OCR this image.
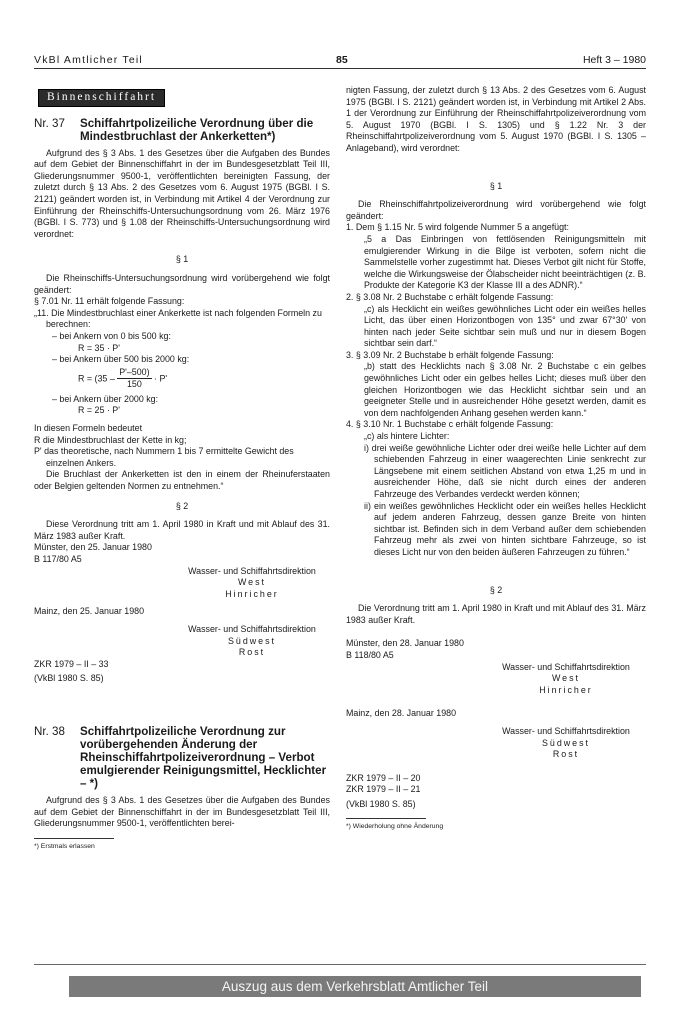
VkBl Amtlicher Teil	85	Heft 3 – 1980
Binnenschiffahrt
Nr. 37	Schiffahrtpolizeiliche Verordnung über die Mindestbruchlast der Ankerketten*)

Aufgrund des § 3 Abs. 1 des Gesetzes über die Aufgaben des Bundes auf dem Gebiet der Binnenschiffahrt in der im Bundesgesetzblatt Teil III, Gliederungsnummer 9500-1, veröffentlichten bereinigten Fassung, der zuletzt durch § 13 Abs. 2 des Gesetzes vom 6. August 1975 (BGBl. I S. 2121) geändert worden ist, in Verbindung mit Artikel 4 der Verordnung zur Einführung der Rheinschiffs-Untersuchungsordnung vom 26. März 1976 (BGBl. I S. 773) und § 1.08 der Rheinschiffs-Untersuchungsordnung wird verordnet:

§ 1

Die Rheinschiffs-Untersuchungsordnung wird vorübergehend wie folgt geändert:

§ 7.01 Nr. 11 erhält folgende Fassung:

„11. Die Mindestbruchlast einer Ankerkette ist nach folgenden Formeln zu berechnen:

– bei Ankern von 0 bis 500 kg:

R = 35 · P'

– bei Ankern über 500 bis 2000 kg:

$R = (35 - \frac{P'-500)}{150} \cdot P'$

– bei Ankern über 2000 kg:

R = 25 · P'

In diesen Formeln bedeutet

R die Mindestbruchlast der Kette in kg;

P' das theoretische, nach Nummern 1 bis 7 ermittelte Gewicht des einzelnen Ankers.

Die Bruchlast der Ankerketten ist den in einem der Rheinuferstaaten oder Belgien geltenden Normen zu entnehmen.“

§ 2

Diese Verordnung tritt am 1. April 1980 in Kraft und mit Ablauf des 31. März 1983 außer Kraft.

Münster, den 25. Januar 1980

B 117/80 A5

Wasser- und Schiffahrtsdirektion

West

Hinricher

Mainz, den 25. Januar 1980

Wasser- und Schiffahrtsdirektion

Südwest

Rost

ZKR 1979 – II – 33

(VkBl 1980 S. 85)

Nr. 38	Schiffahrtpolizeiliche Verordnung zur vorübergehenden Änderung der Rheinschiffahrtpolizeiverordnung – Verbot emulgierender Reinigungsmittel, Hecklichter – *)

Aufgrund des § 3 Abs. 1 des Gesetzes über die Aufgaben des Bundes auf dem Gebiet der Binnenschiffahrt in der im Bundesgesetzblatt Teil III, Gliederungsnummer 9500-1, veröffentlichten berei-

*) Erstmals erlassen

nigten Fassung, der zuletzt durch § 13 Abs. 2 des Gesetzes vom 6. August 1975 (BGBl. I S. 2121) geändert worden ist, in Verbindung mit Artikel 2 Abs. 1 der Verordnung zur Einführung der Rheinschiffahrtpolizeiverordnung vom 5. August 1970 (BGBl. I S. 1305) und § 1.22 Nr. 3 der Rheinschiffahrtpolizeiverordnung vom 5. August 1970 (BGBl. I S. 1305 – Anlageband), wird verordnet:

§ 1

Die Rheinschiffahrtpolizeiverordnung wird vorübergehend wie folgt geändert:

1. Dem § 1.15 Nr. 5 wird folgende Nummer 5 a angefügt:

„5 a Das Einbringen von fettlösenden Reinigungsmitteln mit emulgierender Wirkung in die Bilge ist verboten, sofern nicht die Sammelstelle vorher zugestimmt hat. Dieses Verbot gilt nicht für Stoffe, welche die Wirkungsweise der Ölabscheider nicht beeinträchtigen (z. B. Produkte der Kategorie K3 der Klasse III a des ADNR).“

2. § 3.08 Nr. 2 Buchstabe c erhält folgende Fassung:

„c) als Hecklicht ein weißes gewöhnliches Licht oder ein weißes helles Licht, das über einen Horizontbogen von 135° und zwar 67°30' von hinten nach jeder Seite sichtbar sein muß und nur in diesem Bogen sichtbar sein darf.“

3. § 3.09 Nr. 2 Buchstabe b erhält folgende Fassung:

„b) statt des Hecklichts nach § 3.08 Nr. 2 Buchstabe c ein gelbes gewöhnliches Licht oder ein gelbes helles Licht; dieses muß über den gleichen Horizontbogen wie das Hecklicht sichtbar sein und an geeigneter Stelle und in ausreichender Höhe gesetzt werden, damit es von dem nachfolgenden Anhang gesehen werden kann.“

4. § 3.10 Nr. 1 Buchstabe c erhält folgende Fassung:

„c) als hintere Lichter:

i) drei weiße gewöhnliche Lichter oder drei weiße helle Lichter auf dem schiebenden Fahrzeug in einer waagerechten Linie senkrecht zur Längsebene mit einem seitlichen Abstand von etwa 1,25 m und in ausreichender Höhe, daß sie nicht durch eines der anderen Fahrzeuge des Verbandes verdeckt werden können;

ii) ein weißes gewöhnliches Hecklicht oder ein weißes helles Hecklicht auf jedem anderen Fahrzeug, dessen ganze Breite von hinten sichtbar ist. Befinden sich in dem Verband außer dem schiebenden Fahrzeug mehr als zwei von hinten sichtbare Fahrzeuge, so ist dieses Licht nur von den beiden äußeren Fahrzeugen zu führen.“

§ 2

Die Verordnung tritt am 1. April 1980 in Kraft und mit Ablauf des 31. März 1983 außer Kraft.

Münster, den 28. Januar 1980

B 118/80 A5

Wasser- und Schiffahrtsdirektion

West

Hinricher

Mainz, den 28. Januar 1980

Wasser- und Schiffahrtsdirektion

Südwest

Rost

ZKR 1979 – II – 20

ZKR 1979 – II – 21

(VkBl 1980 S. 85)

*) Wiederholung ohne Änderung

Auszug aus dem Verkehrsblatt Amtlicher Teil
